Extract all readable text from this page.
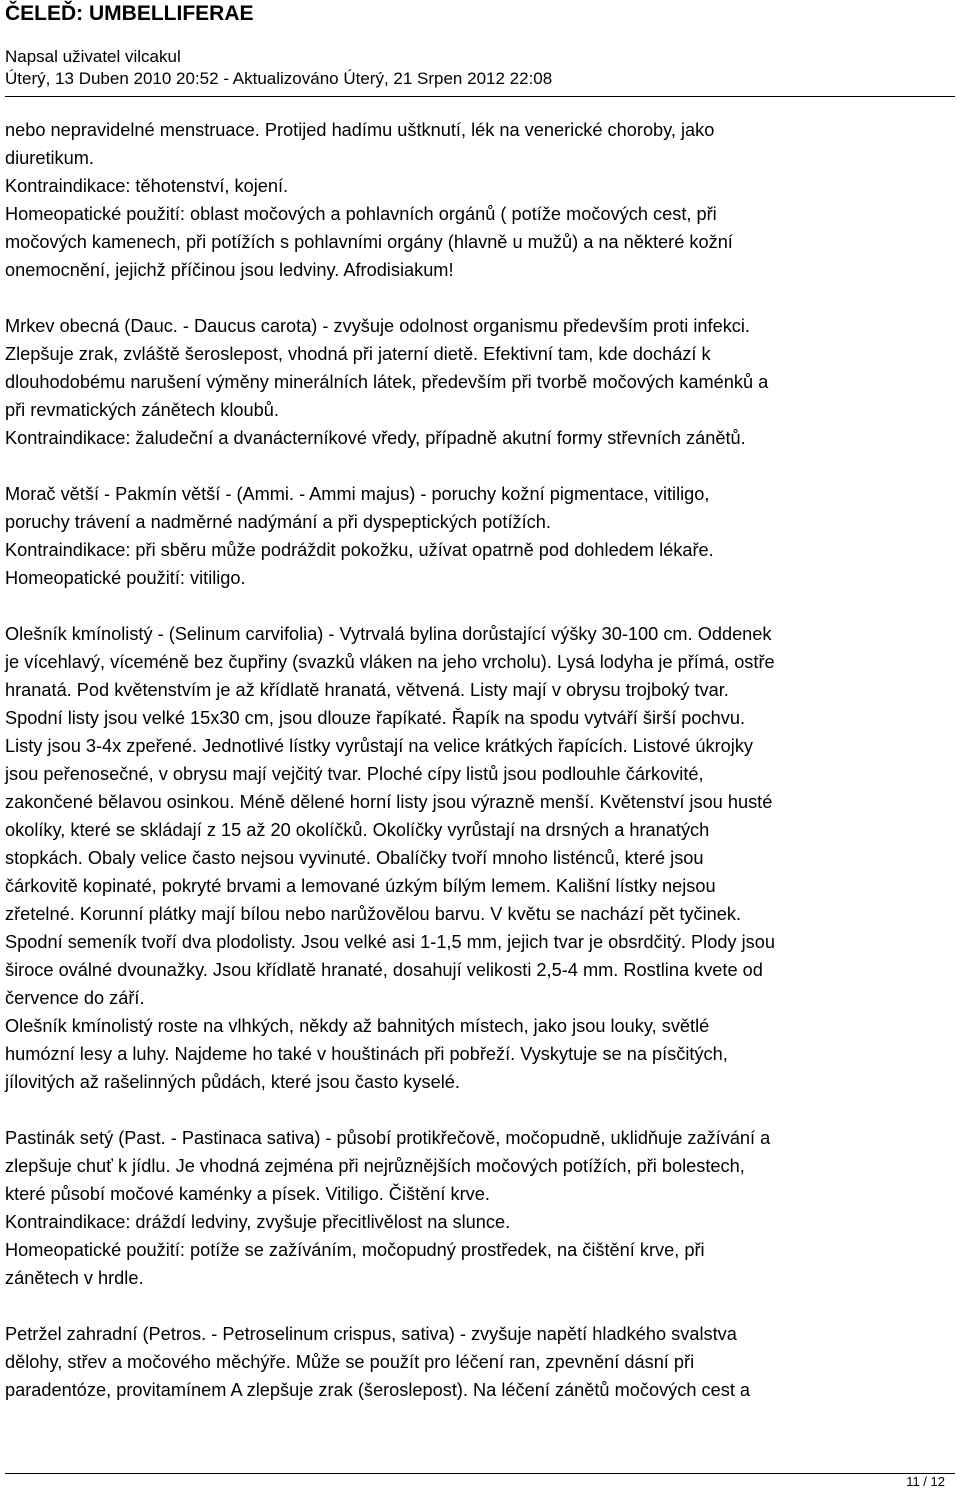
ČELEĎ: UMBELLIFERAE
Napsal uživatel vilcakul
Úterý, 13 Duben 2010 20:52 - Aktualizováno Úterý, 21 Srpen 2012 22:08

nebo nepravidelné menstruace. Protijed hadímu uštknutí, lék na venerické choroby, jako
diuretikum.
Kontraindikace: těhotenství, kojení.
Homeopatické použití: oblast močových a pohlavních orgánů ( potíže močových cest, při
močových kamenech, při potížích s pohlavními orgány (hlavně u mužů) a na některé kožní
onemocnění, jejichž příčinou jsou ledviny. Afrodisiakum!

Mrkev obecná (Dauc. - Daucus carota) - zvyšuje odolnost organismu především proti infekci.
Zlepšuje zrak, zvláště šeroslepost, vhodná při jaterní dietě. Efektivní tam, kde dochází k
dlouhodobému narušení výměny minerálních látek, především při tvorbě močových kaménků a
při revmatických zánětech kloubů.
Kontraindikace: žaludeční a dvanácterníkové vředy, případně akutní formy střevních zánětů.

Morač větší - Pakmín větší - (Ammi. - Ammi majus) - poruchy kožní pigmentace, vitiligo,
poruchy trávení a nadměrné nadýmání a při dyspeptických potížích.
Kontraindikace: při sběru může podráždit pokožku, užívat opatrně pod dohledem lékaře.
Homeopatické použití: vitiligo.

Olešník kmínolistý - (Selinum carvifolia) - Vytrvalá bylina dorůstající výšky 30-100 cm. Oddenek
je vícehlavý, víceméně bez čupřiny (svazků vláken na jeho vrcholu). Lysá lodyha je přímá, ostře
hranatá. Pod květenstvím je až křídlatě hranatá, větvená. Listy mají v obrysu trojboký tvar.
Spodní listy jsou velké 15x30 cm, jsou dlouze řapíkaté. Řapík na spodu vytváří širší pochvu.
Listy jsou 3-4x zpeřené. Jednotlivé lístky vyrůstají na velice krátkých řapících. Listové úkrojky
jsou peřenosečné, v obrysu mají vejčitý tvar. Ploché cípy listů jsou podlouhle čárkovité,
zakončené bělavou osinkou. Méně dělené horní listy jsou výrazně menší. Květenství jsou husté
okolíky, které se skládají z 15 až 20 okolíčků. Okolíčky vyrůstají na drsných a hranatých
stopkách. Obaly velice často nejsou vyvinuté. Obalíčky tvoří mnoho listénců, které jsou
čárkovitě kopinaté, pokryté brvami a lemované úzkým bílým lemem. Kališní lístky nejsou
zřetelné. Korunní plátky mají bílou nebo narůžovělou barvu. V květu se nachází pět tyčinek.
Spodní semeník tvoří dva plodolisty. Jsou velké asi 1-1,5 mm, jejich tvar je obsrdčitý. Plody jsou
široce oválné dvounažky. Jsou křídlatě hranaté, dosahují velikosti 2,5-4 mm. Rostlina kvete od
července do září.
Olešník kmínolistý roste na vlhkých, někdy až bahnitých místech, jako jsou louky, světlé
humózní lesy a luhy. Najdeme ho také v houštinách při pobřeží. Vyskytuje se na písčitých,
jílovitých až rašelinných půdách, které jsou často kyselé.

Pastinák setý (Past. - Pastinaca sativa) - působí protikřečově, močopudně, uklidňuje zažívání a
zlepšuje chuť k jídlu. Je vhodná zejména při nejrůznějších močových potížích, při bolestech,
které působí močové kaménky a písek. Vitiligo. Čištění krve.
Kontraindikace: dráždí ledviny, zvyšuje přecitlivělost na slunce.
Homeopatické použití: potíže se zažíváním, močopudný prostředek, na čištění krve, při
zánětech v hrdle.

Petržel zahradní (Petros. - Petroselinum crispus, sativa) - zvyšuje napětí hladkého svalstva
dělohy, střev a močového měchýře. Může se použít pro léčení ran, zpevnění dásní při
paradentóze, provitamínem A zlepšuje zrak (šeroslepost). Na léčení zánětů močových cest a

11 / 12
